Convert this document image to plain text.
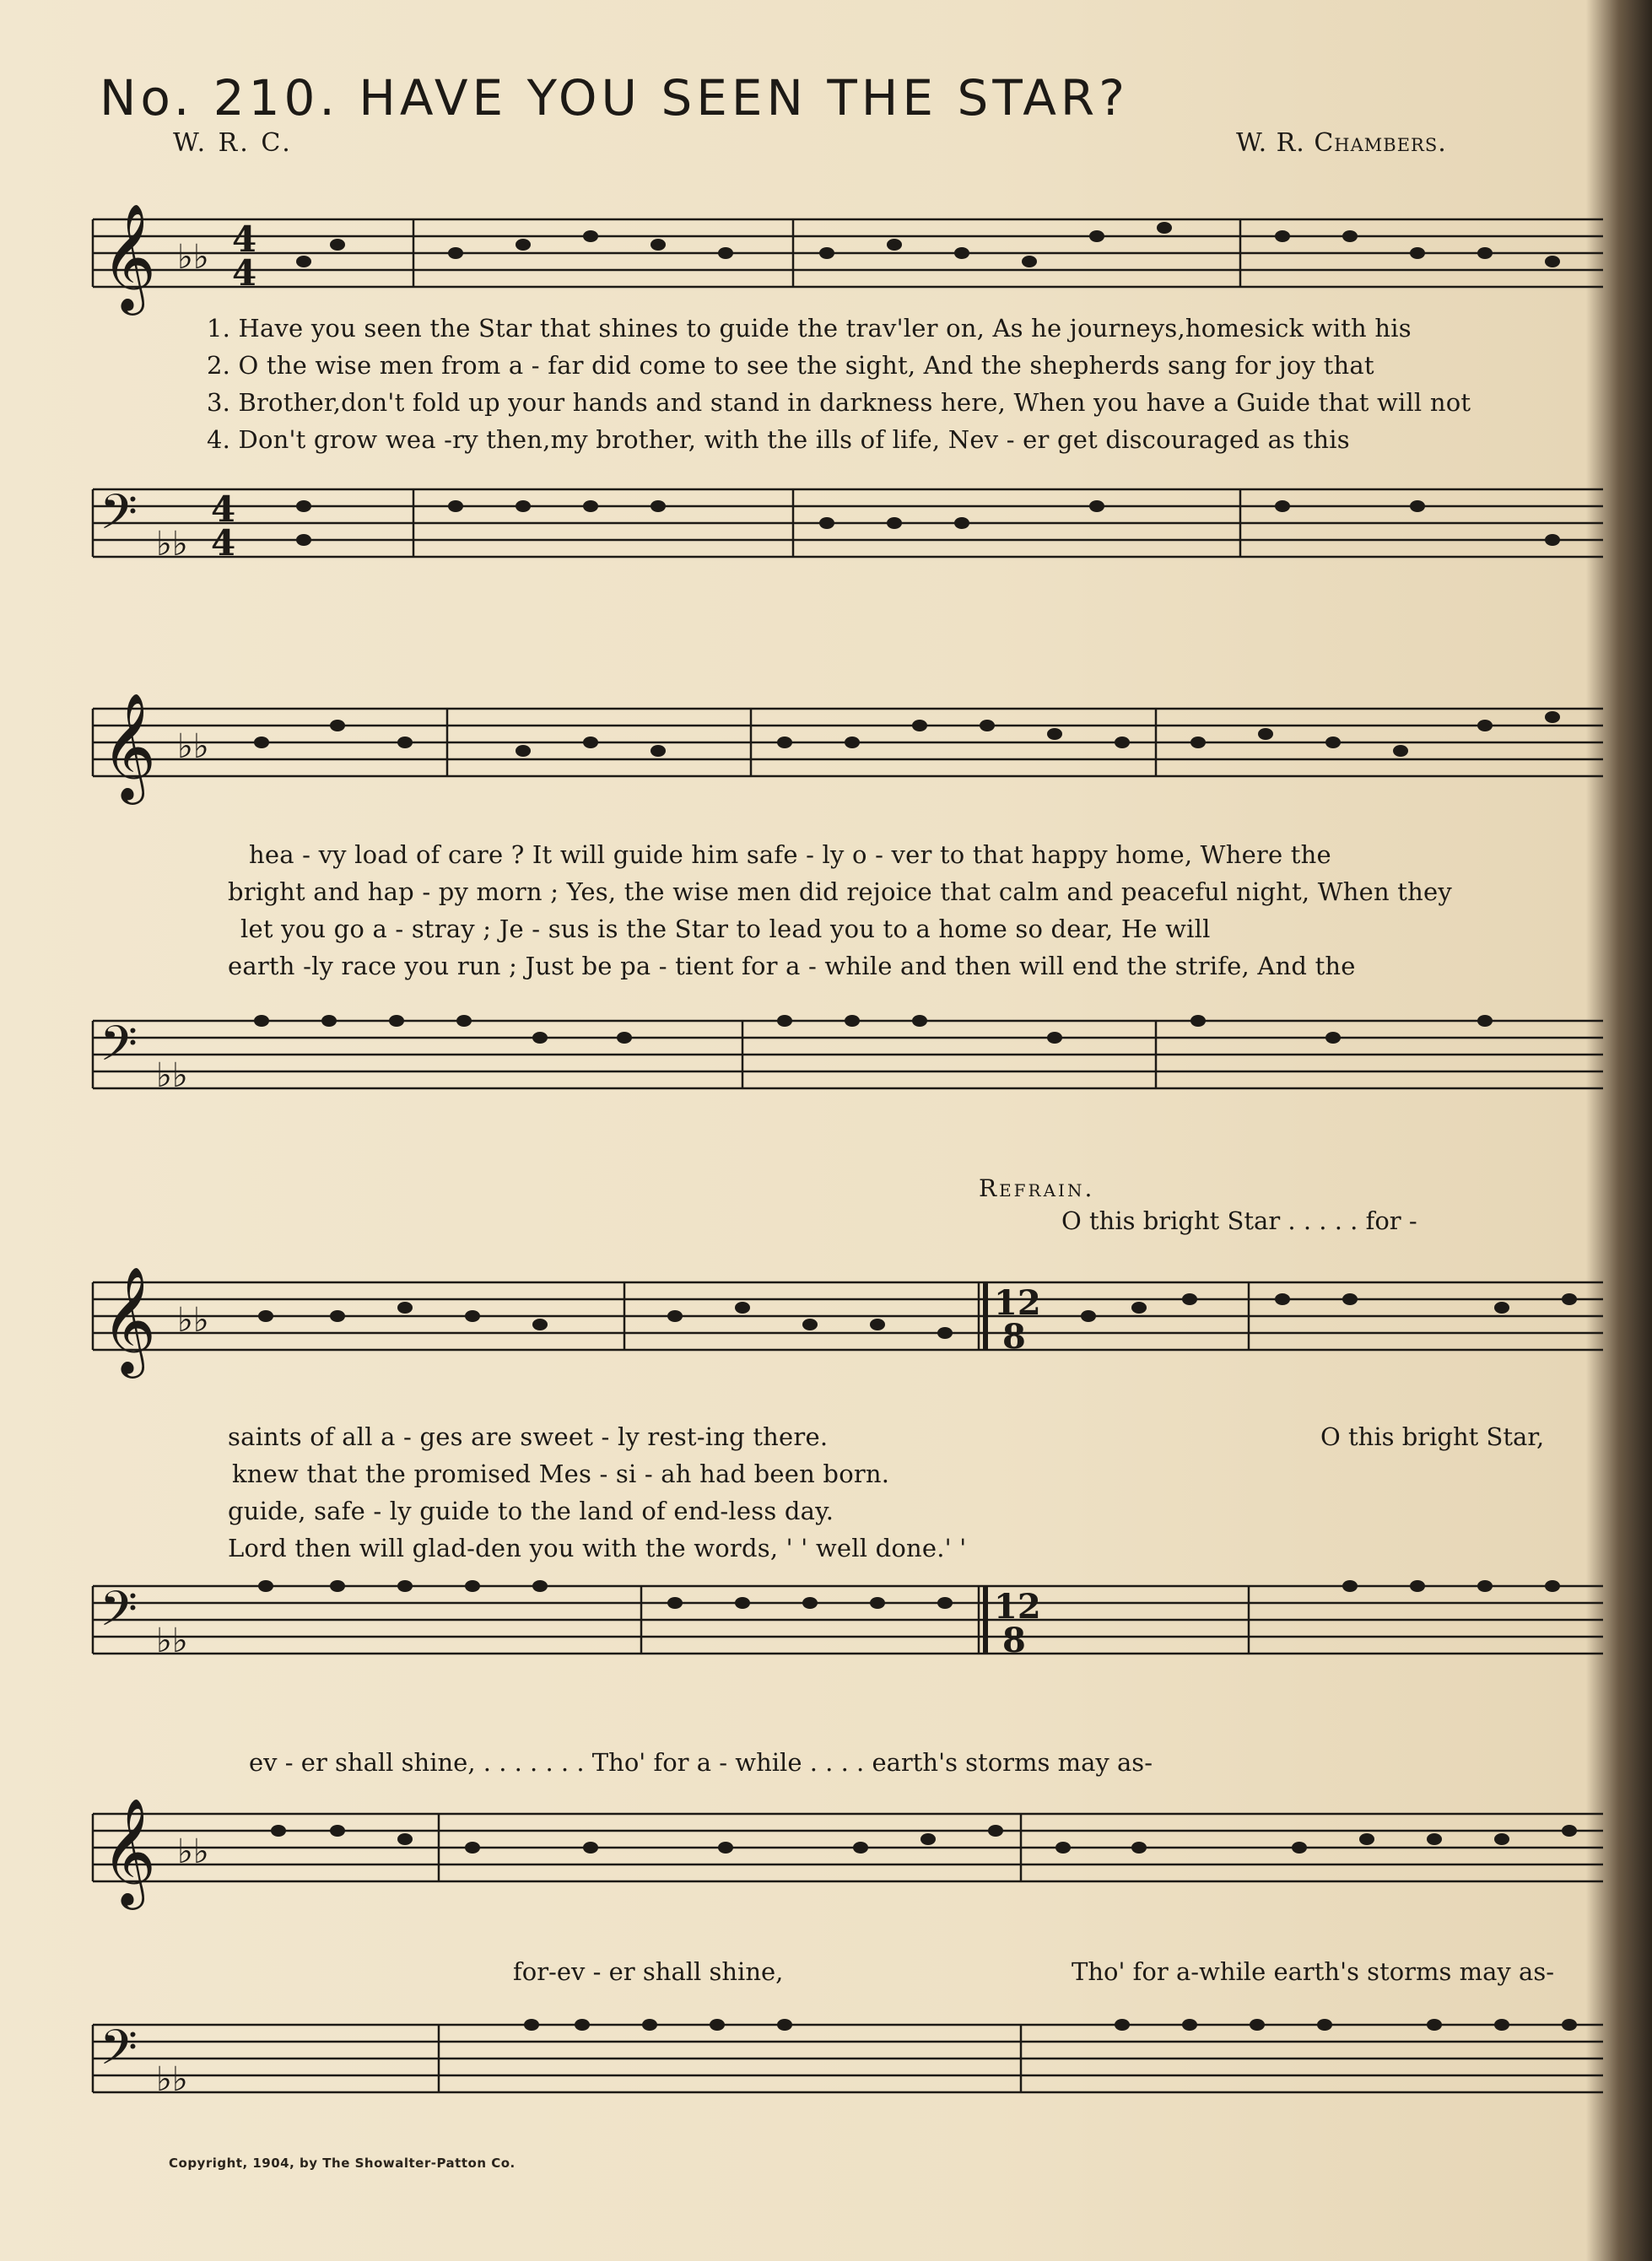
No. 210. HAVE YOU SEEN THE STAR?
W. R. C.	W. R. Chambers.
𝄞 ♭♭ 4
4
1. Have you seen the Star that shines to guide the trav'ler on, As he journeys,homesick with his
2. O the wise men from a - far did come to see the sight, And the shepherds sang for joy that
3. Brother,don't fold up your hands and stand in darkness here, When you have a Guide that will not
4. Don't grow wea -ry then,my brother, with the ills of life, Nev - er get discouraged as this
𝄢 ♭♭
4
4
𝄞 ♭♭
hea - vy load of care ? It will guide him safe - ly o - ver to that happy home, Where the
bright and hap - py morn ; Yes, the wise men did rejoice that calm and peaceful night, When they
let you go a - stray ; Je - sus is the Star to lead you to a home so dear, He will
earth -ly race you run ; Just be pa - tient for a - while and then will end the strife, And the
𝄢 ♭♭
Refrain.
O this bright Star . . . . . for -
𝄞 ♭♭	12
8
saints of all a - ges are sweet - ly rest-ing there.	O this bright Star,
knew that the promised Mes - si - ah had been born.
guide, safe - ly guide to the land of end-less day.
Lord then will glad-den you with the words, ' ' well done.' '
𝄢 ♭♭
12
8
ev - er shall shine, . . . . . . . Tho' for a - while . . . . earth's storms may as-
𝄞 ♭♭
for-ev - er shall shine,	Tho' for a-while earth's storms may as-
𝄢 ♭♭
Copyright, 1904, by The Showalter-Patton Co.
